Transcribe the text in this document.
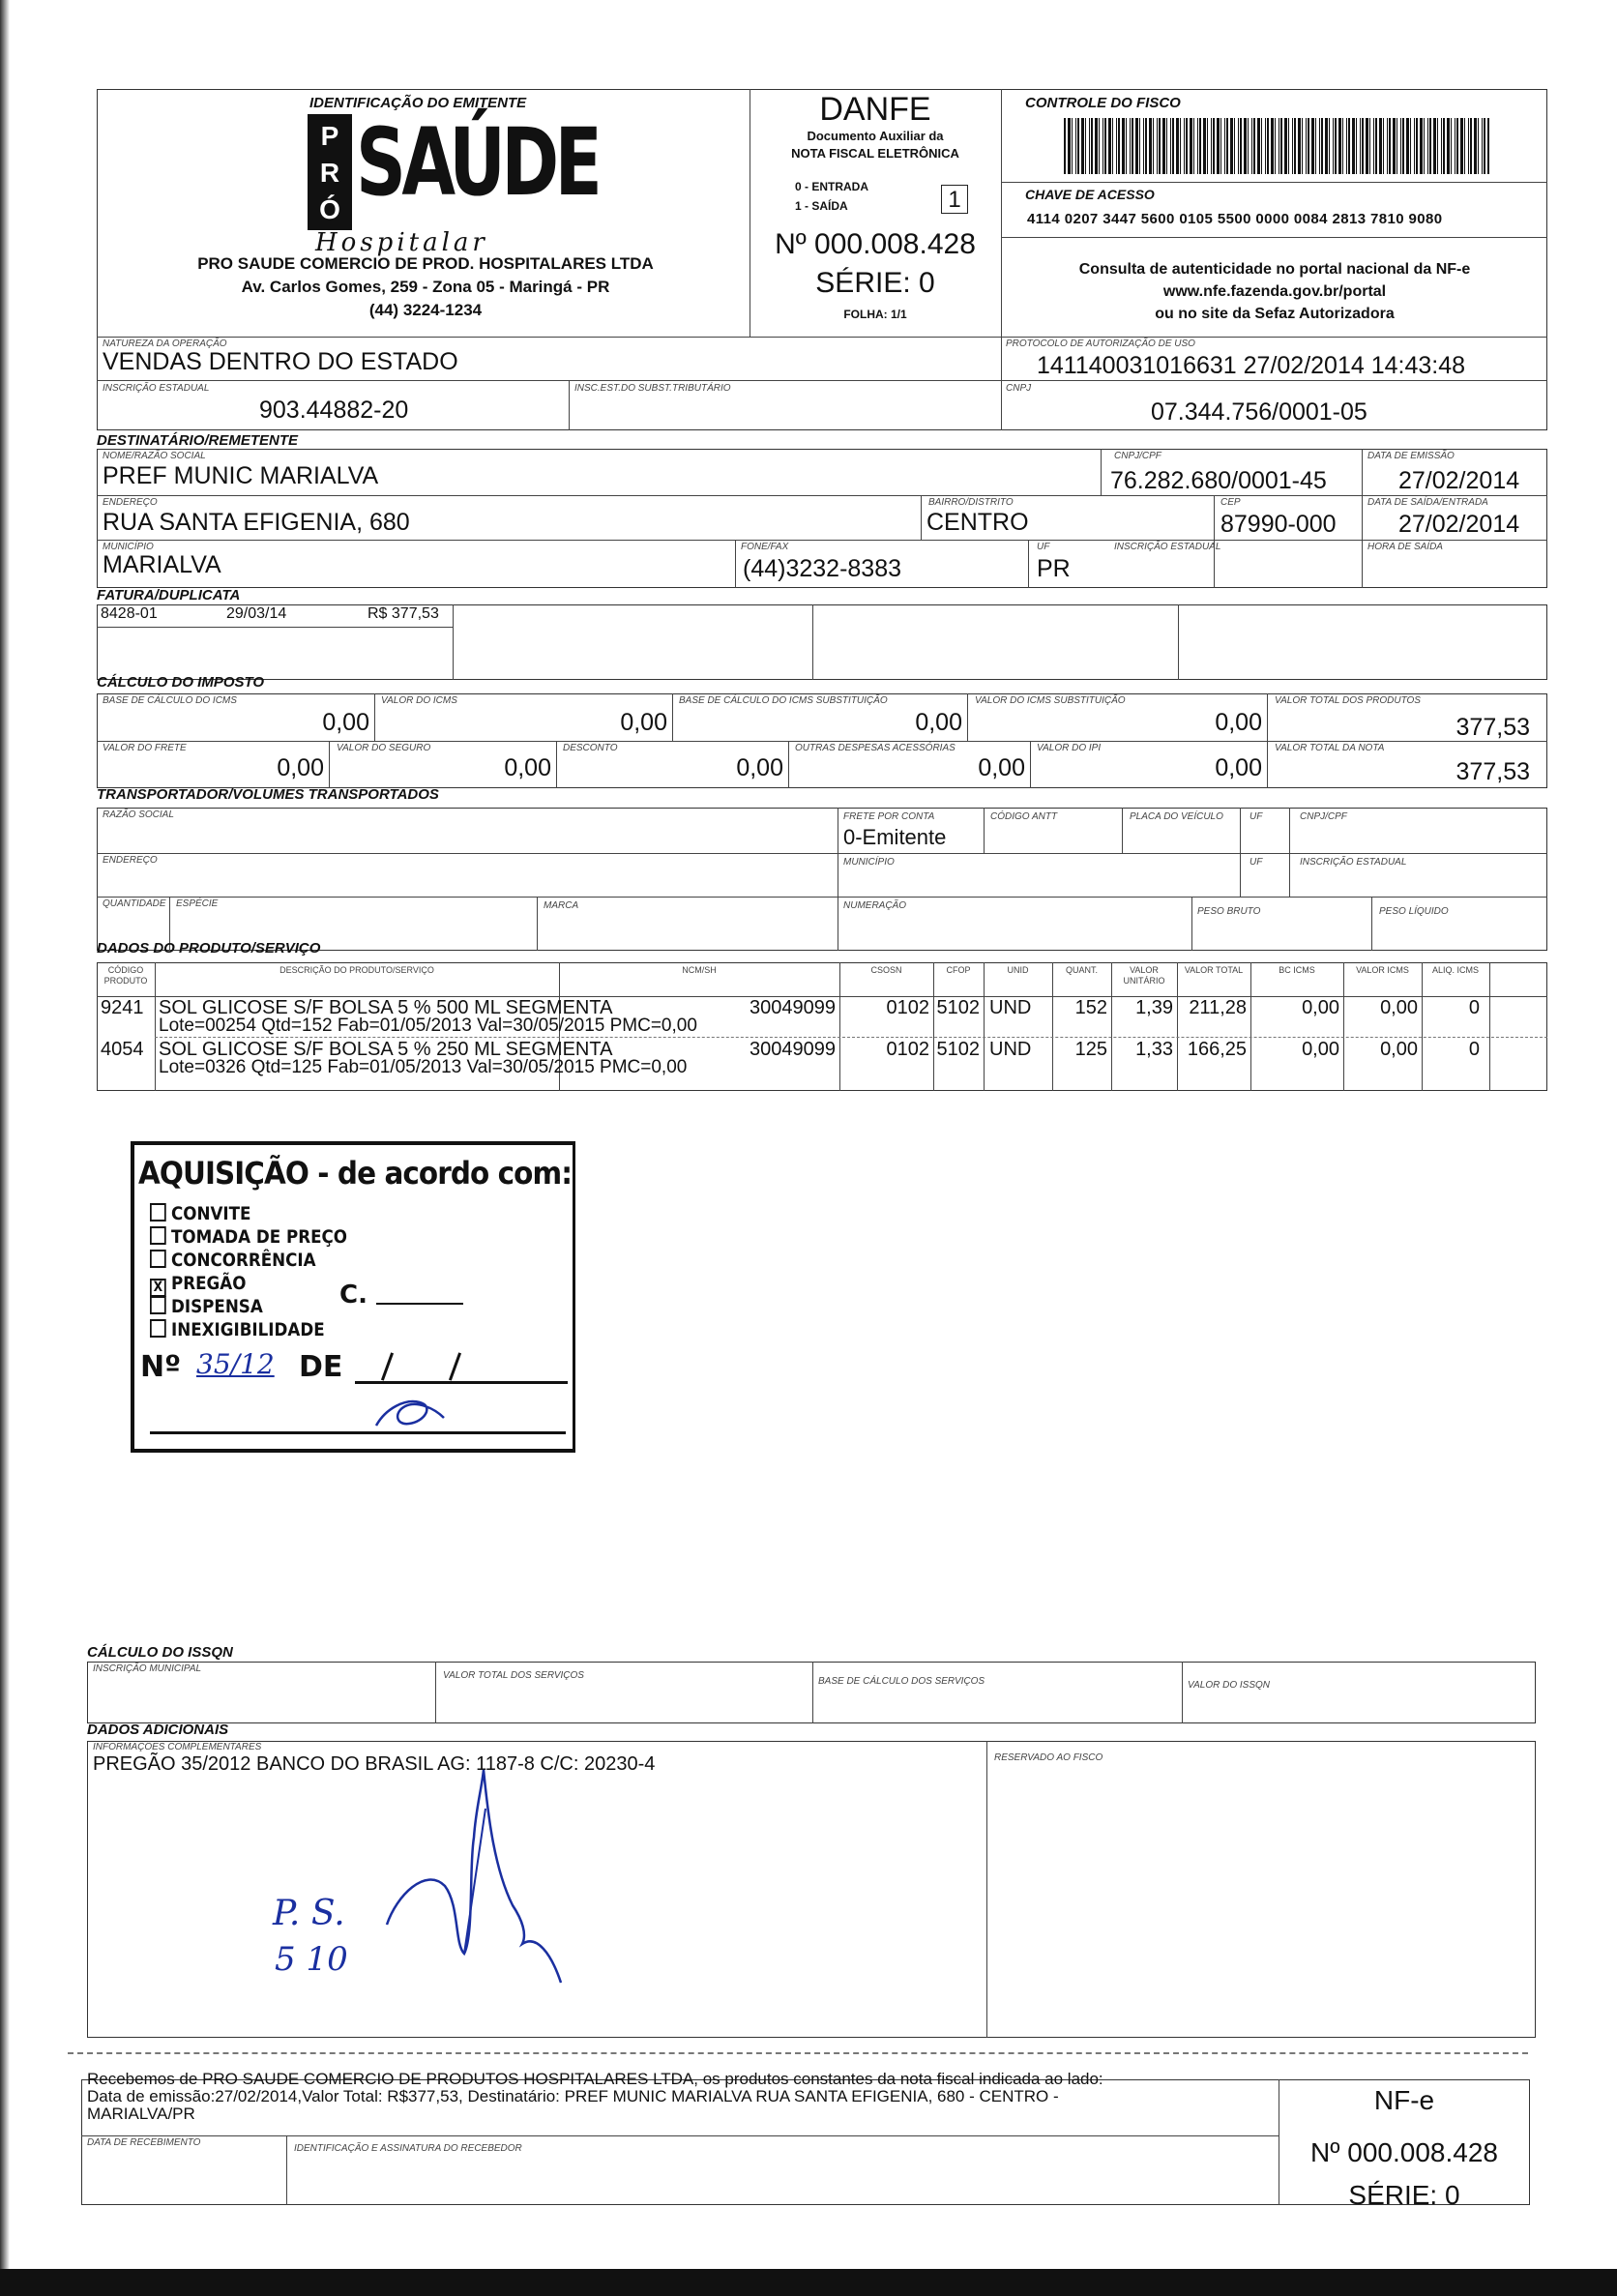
IDENTIFICAÇÃO DO EMITENTE
PRÓ SAÚDE
Hospitalar
PRO SAUDE COMERCIO DE PROD. HOSPITALARES LTDA
Av. Carlos Gomes, 259 - Zona 05 - Maringá - PR
(44) 3224-1234
DANFE
Documento Auxiliar da
NOTA FISCAL ELETRÔNICA
0 - ENTRADA
1 - SAÍDA	1
Nº 000.008.428
SÉRIE: 0
FOLHA: 1/1
CONTROLE DO FISCO
CHAVE DE ACESSO
4114 0207 3447 5600 0105 5500 0000 0084 2813 7810 9080
Consulta de autenticidade no portal nacional da NF-e
www.nfe.fazenda.gov.br/portal
ou no site da Sefaz Autorizadora
NATUREZA DA OPERAÇÃO
VENDAS DENTRO DO ESTADO
PROTOCOLO DE AUTORIZAÇÃO DE USO
141140031016631 27/02/2014 14:43:48
INSCRIÇÃO ESTADUAL
903.44882-20
INSC.EST.DO SUBST.TRIBUTÁRIO	CNPJ
07.344.756/0001-05
DESTINATÁRIO/REMETENTE
NOME/RAZÃO SOCIAL
PREF MUNIC MARIALVA
CNPJ/CPF
76.282.680/0001-45
DATA DE EMISSÃO
27/02/2014
ENDEREÇO
RUA SANTA EFIGENIA, 680
BAIRRO/DISTRITO
CENTRO
CEP
87990-000
DATA DE SAÍDA/ENTRADA
27/02/2014
MUNICÍPIO
MARIALVA
FONE/FAX
(44)3232-8383
UF
PR
INSCRIÇÃO ESTADUAL	HORA DE SAÍDA
FATURA/DUPLICATA
8428-01	29/03/14	R$ 377,53
CÁLCULO DO IMPOSTO
BASE DE CÁLCULO DO ICMS
0,00
VALOR DO ICMS
0,00
BASE DE CÁLCULO DO ICMS SUBSTITUIÇÃO
0,00
VALOR DO ICMS SUBSTITUIÇÃO
0,00
VALOR TOTAL DOS PRODUTOS
377,53
VALOR DO FRETE
0,00
VALOR DO SEGURO
0,00
DESCONTO
0,00
OUTRAS DESPESAS ACESSÓRIAS
0,00
VALOR DO IPI
0,00
VALOR TOTAL DA NOTA
377,53
TRANSPORTADOR/VOLUMES TRANSPORTADOS
RAZÃO SOCIAL	FRETE POR CONTA
0-Emitente
CÓDIGO ANTT	PLACA DO VEÍCULO	UF	CNPJ/CPF
ENDEREÇO	MUNICÍPIO	UF	INSCRIÇÃO ESTADUAL
QUANTIDADE ESPÉCIE	MARCA	NUMERAÇÃO
PESO BRUTO	PESO LÍQUIDO
DADOS DO PRODUTO/SERVIÇO
CÓDIGO PRODUTO
DESCRIÇÃO DO PRODUTO/SERVIÇO	NCM/SH	CSOSN	CFOP	UNID	QUANT.	VALOR UNITÁRIO
VALOR TOTAL	BC ICMS	VALOR ICMS	ALIQ. ICMS
9241 SOL GLICOSE S/F BOLSA 5 % 500 ML SEGMENTA
Lote=00254 Qtd=152 Fab=01/05/2013 Val=30/05/2015 PMC=0,00
30049099	0102 5102 UND	152	1,39 211,28	0,00	0,00	0
4054 SOL GLICOSE S/F BOLSA 5 % 250 ML SEGMENTA
Lote=0326 Qtd=125 Fab=01/05/2013 Val=30/05/2015 PMC=0,00
30049099	0102 5102 UND	125	1,33 166,25	0,00	0,00	0
AQUISIÇÃO - de acordo com:
CONVITE
TOMADA DE PREÇO
CONCORRÊNCIA
X PREGÃO
DISPENSA
INEXIGIBILIDADE
C.
Nº 35/12 DE
CÁLCULO DO ISSQN
INSCRIÇÃO MUNICIPAL
VALOR TOTAL DOS SERVIÇOS
BASE DE CÁLCULO DOS SERVIÇOS	VALOR DO ISSQN
DADOS ADICIONAIS
INFORMAÇÕES COMPLEMENTARES
PREGÃO 35/2012 BANCO DO BRASIL AG: 1187-8 C/C: 20230-4	RESERVADO AO FISCO
P. S.
5 10
Recebemos de PRO SAUDE COMERCIO DE PRODUTOS HOSPITALARES LTDA, os produtos constantes da nota fiscal indicada ao lado:
Data de emissão:27/02/2014,Valor Total: R$377,53, Destinatário: PREF MUNIC MARIALVA RUA SANTA EFIGENIA, 680 - CENTRO -
MARIALVA/PR
DATA DE RECEBIMENTO
IDENTIFICAÇÃO E ASSINATURA DO RECEBEDOR
NF-e
Nº 000.008.428
SÉRIE: 0
